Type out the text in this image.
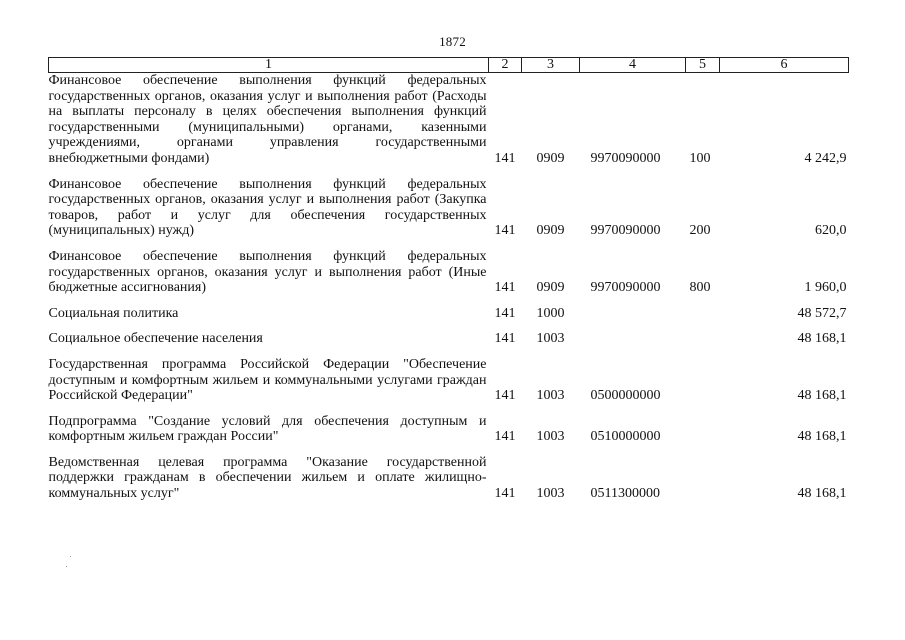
1872
1	2	3	4	5	6
Финансовое обеспечение выполнения функций федеральных государственных органов, оказания услуг и выполнения работ (Расходы на выплаты персоналу в целях обеспечения выполнения функций государственными (муниципальными) органами, казенными учреждениями, органами управления государственными внебюджетными фондами)	141	0909	9970090000	100	4 242,9

Финансовое обеспечение выполнения функций федеральных государственных органов, оказания услуг и выполнения работ (Закупка товаров, работ и услуг для обеспечения государственных (муниципальных) нужд)	141	0909	9970090000	200	620,0

Финансовое обеспечение выполнения функций федеральных государственных органов, оказания услуг и выполнения работ (Иные бюджетные ассигнования)	141	0909	9970090000	800	1 960,0

Социальная политика	141	1000			48 572,7

Социальное обеспечение населения	141	1003			48 168,1

Государственная программа Российской Федерации "Обеспечение доступным и комфортным жильем и коммунальными услугами граждан Российской Федерации"	141	1003	0500000000		48 168,1

Подпрограмма "Создание условий для обеспечения доступным и комфортным жильем граждан России"	141	1003	0510000000		48 168,1

Ведомственная целевая программа "Оказание государственной поддержки гражданам в обеспечении жильем и оплате жилищно-коммунальных услуг"	141	1003	0511300000		48 168,1
